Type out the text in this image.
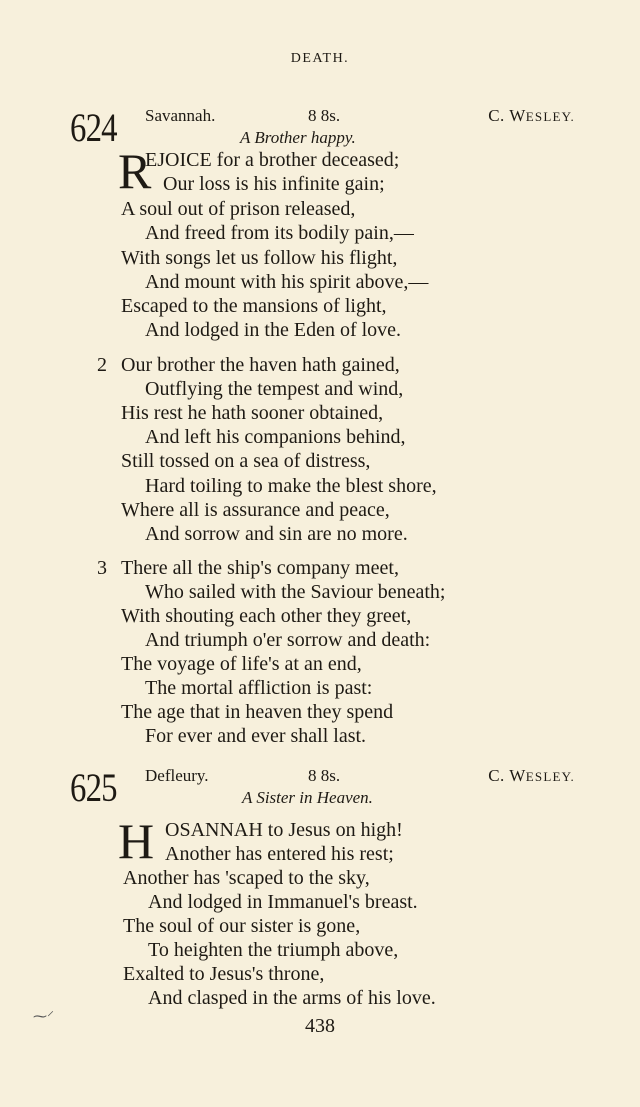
DEATH.
624 Savannah.	8 8s.	C. WESLEY.
A Brother happy.
R
EJOICE for a brother deceased;
Our loss is his infinite gain;
A soul out of prison released,
And freed from its bodily pain,—
With songs let us follow his flight,
And mount with his spirit above,—
Escaped to the mansions of light,
And lodged in the Eden of love.
2 Our brother the haven hath gained,
Outflying the tempest and wind,
His rest he hath sooner obtained,
And left his companions behind,
Still tossed on a sea of distress,
Hard toiling to make the blest shore,
Where all is assurance and peace,
And sorrow and sin are no more.
3 There all the ship's company meet,
Who sailed with the Saviour beneath;
With shouting each other they greet,
And triumph o'er sorrow and death:
The voyage of life's at an end,
The mortal affliction is past:
The age that in heaven they spend
For ever and ever shall last.
625 Defleury.	8 8s.	C. WESLEY.
A Sister in Heaven.
H OSANNAH to Jesus on high!
Another has entered his rest;
Another has 'scaped to the sky,
And lodged in Immanuel's breast.
The soul of our sister is gone,
To heighten the triumph above,
Exalted to Jesus's throne,
And clasped in the arms of his love.
⁓⸍	438
